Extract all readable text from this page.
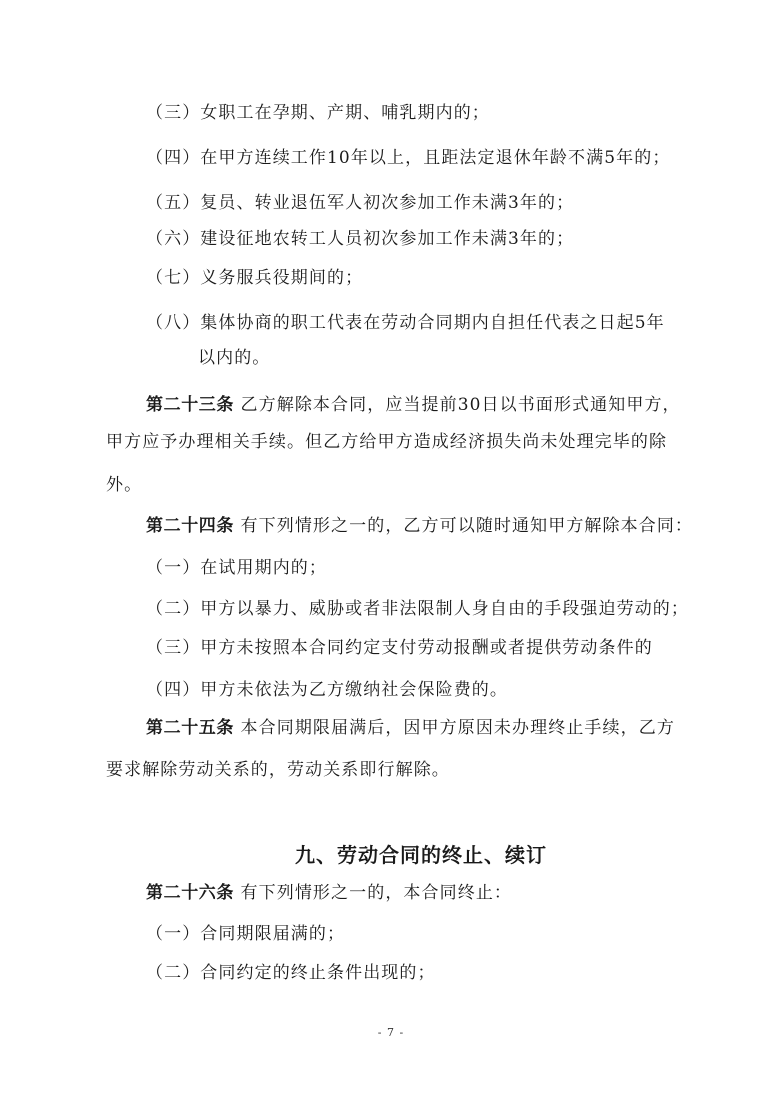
（三）女职工在孕期、产期、哺乳期内的；
（四）在甲方连续工作10年以上，且距法定退休年龄不满5年的；
（五）复员、转业退伍军人初次参加工作未满3年的；
（六）建设征地农转工人员初次参加工作未满3年的；
（七）义务服兵役期间的；
（八）集体协商的职工代表在劳动合同期内自担任代表之日起5年
以内的。
第二十三条 乙方解除本合同，应当提前30日以书面形式通知甲方，
甲方应予办理相关手续。但乙方给甲方造成经济损失尚未处理完毕的除
外。
第二十四条 有下列情形之一的，乙方可以随时通知甲方解除本合同：
（一）在试用期内的；
（二）甲方以暴力、威胁或者非法限制人身自由的手段强迫劳动的；
（三）甲方未按照本合同约定支付劳动报酬或者提供劳动条件的
（四）甲方未依法为乙方缴纳社会保险费的。
第二十五条 本合同期限届满后，因甲方原因未办理终止手续，乙方
要求解除劳动关系的，劳动关系即行解除。
九、劳动合同的终止、续订
第二十六条 有下列情形之一的，本合同终止：
（一）合同期限届满的；
（二）合同约定的终止条件出现的；
- 7 -
